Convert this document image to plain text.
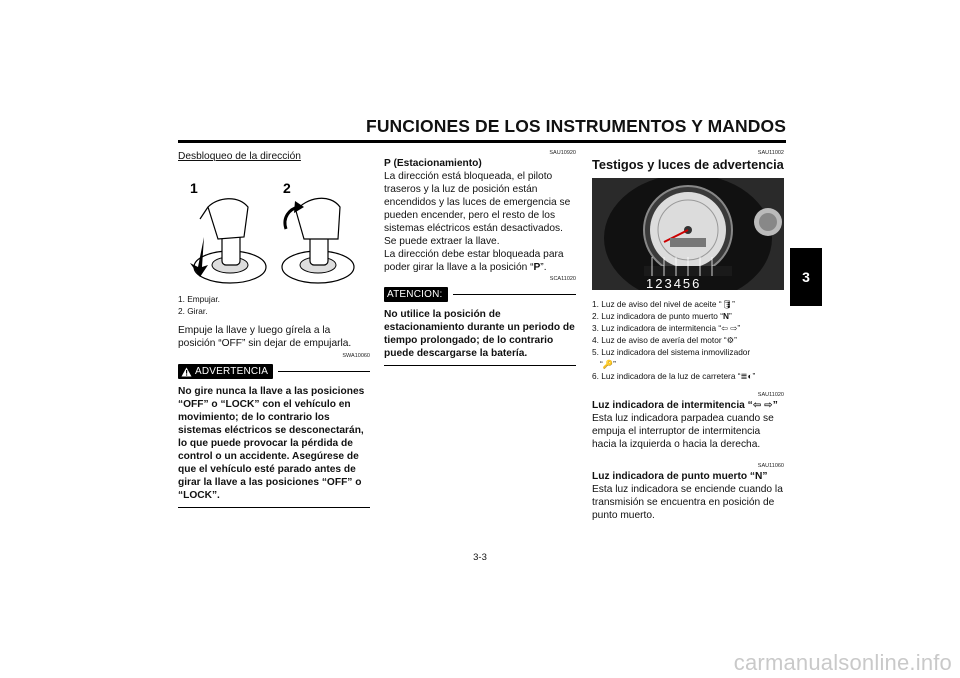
FUNCIONES DE LOS INSTRUMENTOS Y MANDOS
3

Desbloqueo de la dirección

1	2
1. Empujar.
2. Girar.

Empuje la llave y luego gírela a la posición “OFF” sin dejar de empujarla.

SWA10060
ADVERTENCIA

No gire nunca la llave a las posiciones “OFF” o “LOCK” con el vehículo en movimiento; de lo contrario los sistemas eléctricos se desconectarán, lo que puede provocar la pérdida de control o un accidente. Asegúrese de que el vehículo esté parado antes de girar la llave a las posiciones “OFF” o “LOCK”.

SAU10920

P (Estacionamiento)

La dirección está bloqueada, el piloto traseros y la luz de posición están encendidos y las luces de emergencia se pueden encender, pero el resto de los sistemas eléctricos están desactivados. Se puede extraer la llave.

La dirección debe estar bloqueada para poder girar la llave a la posición “P”.

SCA11020
ATENCION:

No utilice la posición de estacionamiento durante un periodo de tiempo prolongado; de lo contrario puede descargarse la batería.

SAU11002

Testigos y luces de advertencia

123456
1. Luz de aviso del nivel de aceite “🛢”
2. Luz indicadora de punto muerto “N”
3. Luz indicadora de intermitencia “⇦ ⇨”
4. Luz de aviso de avería del motor “⚙”
5. Luz indicadora del sistema inmovilizador
“🔑”
6. Luz indicadora de la luz de carretera “≣◐”
SAU11020

Luz indicadora de intermitencia “⇦ ⇨”

Esta luz indicadora parpadea cuando se empuja el interruptor de intermitencia hacia la izquierda o hacia la derecha.

SAU11060

Luz indicadora de punto muerto “N”

Esta luz indicadora se enciende cuando la transmisión se encuentra en posición de punto muerto.

3-3
carmanualsonline.info
